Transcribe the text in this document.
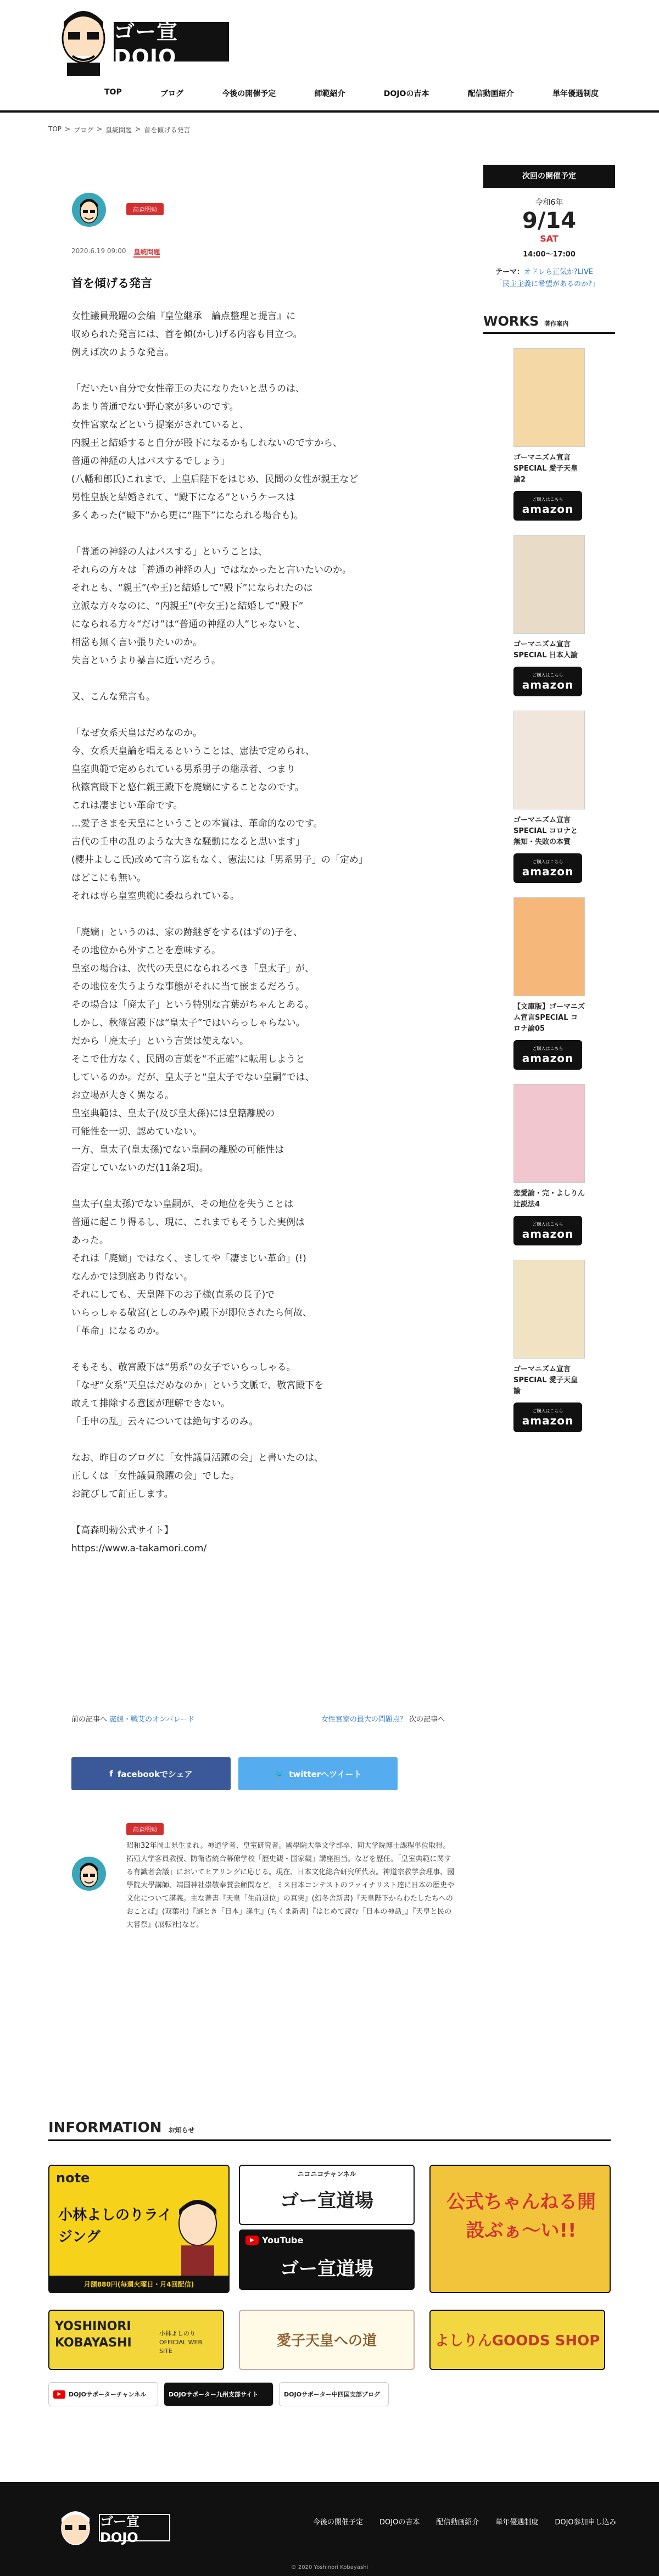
ゴー宣DOJO
TOP	ブログ	今後の開催予定	師範紹介	DOJOの吉本	配信動画紹介	単年優遇制度
TOP > ブログ > 皇統問題 > 首を傾げる発言
高森明勅
2020.6.19 09:00 皇統問題
首を傾げる発言
女性議員飛躍の会編『皇位継承　論点整理と提言』に
収められた発言には、首を傾(かし)げる内容も目立つ。
例えば次のような発言。
「だいたい自分で女性帝王の夫になりたいと思うのは、
あまり普通でない野心家が多いのです。
女性宮家などという提案がされていると、
内親王と結婚すると自分が殿下になるかもしれないのですから、
普通の神経の人はパスするでしょう」
(八幡和郎氏)これまで、上皇后陛下をはじめ、民間の女性が親王など
男性皇族と結婚されて、“殿下になる”というケースは
多くあった(“殿下”から更に“陛下”になられる場合も)。
「普通の神経の人はパスする」ということは、
それらの方々は「普通の神経の人」ではなかったと言いたいのか。
それとも、“親王”(や王)と結婚して“殿下”になられたのは
立派な方々なのに、“内親王”(や女王)と結婚して“殿下”
になられる方々“だけ”は“普通の神経の人”じゃないと、
相當も無く言い張りたいのか。
失言というより暴言に近いだろう。
又、こんな発言も。
「なぜ女系天皇はだめなのか。
今、女系天皇論を唱えるということは、憲法で定められ、
皇室典範で定められている男系男子の継承者、つまり
秋篠宮殿下と悠仁親王殿下を廃嫡にすることなのです。
これは凄まじい革命です。
…愛子さまを天皇にということの本質は、革命的なのです。
古代の壬申の乱のような大きな騒動になると思います」
(櫻井よしこ氏)改めて言う迄もなく、憲法には「男系男子」の「定め」
はどこにも無い。
それは専ら皇室典範に委ねられている。
「廃嫡」というのは、家の跡継ぎをする(はずの)子を、
その地位から外すことを意味する。
皇室の場合は、次代の天皇になられるべき「皇太子」が、
その地位を失うような事態がそれに当て嵌まるだろう。
その場合は「廃太子」という特別な言葉がちゃんとある。
しかし、秋篠宮殿下は“皇太子”ではいらっしゃらない。
だから「廃太子」という言葉は使えない。
そこで仕方なく、民間の言葉を“不正確”に転用しようと
しているのか。だが、皇太子と“皇太子でない皇嗣”では、
お立場が大きく異なる。
皇室典範は、皇太子(及び皇太孫)には皇籍離脱の
可能性を一切、認めていない。
一方、皇太子(皇太孫)でない皇嗣の離脱の可能性は
否定していないのだ(11条2項)。
皇太子(皇太孫)でない皇嗣が、その地位を失うことは
普通に起こり得るし、現に、これまでもそうした実例は
あった。
それは「廃嫡」ではなく、ましてや「凄まじい革命」(!)
なんかでは到底あり得ない。
それにしても、天皇陛下のお子様(直系の長子)で
いらっしゃる敬宮(としのみや)殿下が即位されたら何故、
「革命」になるのか。
そもそも、敬宮殿下は“男系”の女子でいらっしゃる。
「なぜ“女系”天皇はだめなのか」という文脈で、敬宮殿下を
敢えて排除する意図が理解できない。
「壬申の乱」云々については絶句するのみ。
なお、昨日のブログに「女性議員活躍の会」と書いたのは、
正しくは「女性議員飛躍の会」でした。
お詫びして訂正します。
【高森明勅公式サイト】
https://www.a-takamori.com/
前の記事へ 憲線・戦艾のオンパレード	女性宮家の最大の問題点？ 次の記事へ
f facebookでシェア	🐦 twitterへツイート
高森明勅

昭和32年岡山県生まれ。神道学者、皇室研究者。國學院大學文学部卒、同大学院博士課程単位取得。拓殖大学客員教授、防衛省統合幕僚学校「歴史観・国家観」講座担当。などを歴任。「皇室典範に関する有識者会議」においてヒアリングに応じる。現在、日本文化総合研究所代表。神道宗教学会理事、國學院大學講師、靖国神社崇敬奉賛会顧問など。ミス日本コンテストのファイナリスト達に日本の歴史や文化について講義。主な著書『天皇「生前退位」の真実』(幻冬舎新書)『天皇陛下からわたしたちへのおことば』(双葉社)『謎とき「日本」誕生』(ちくま新書)『はじめて読む「日本の神話」』『天皇と民の大嘗祭』(展転社)など。

次回の開催予定
令和6年
9/14
SAT
14:00〜17:00
テーマ：オドレら正気か?LIVE「民主主義に希望があるのか?」
WORKS 著作案内
ゴーマニズム宣言SPECIAL 愛子天皇論2
ご購入はこちら
amazon
ゴーマニズム宣言SPECIAL 日本人論
ご購入はこちら
amazon
ゴーマニズム宣言SPECIAL コロナと無知・失敗の本質
ご購入はこちら
amazon
【文庫版】ゴーマニズム宣言SPECIAL コロナ論05
ご購入はこちら
amazon
恋愛論・完・よしりん辻説法4
ご購入はこちら
amazon
ゴーマニズム宣言SPECIAL 愛子天皇論
ご購入はこちら
amazon
INFORMATION お知らせ
note
小林よしのりライジング
月額880円(毎週火曜日・月4回配信)
ニコニコチャンネル
ゴー宣道場
▶ YouTube
ゴー宣道場
公式ちゃんねる開設ぶぁ〜い!!
YOSHINORI KOBAYASHI
小林よしのりOFFICIAL WEB SITE
愛子天皇への道	よしりんGOODS SHOP
▶	DOJOサポーターチャンネル	DOJOサポーター九州支部サイト	DOJOサポーター中四国支部ブログ
ゴー宣DOJO
今後の開催予定 DOJOの吉本 配信動画紹介 単年優遇制度 DOJO参加申し込み
© 2020 Yoshinori Kobayashi
